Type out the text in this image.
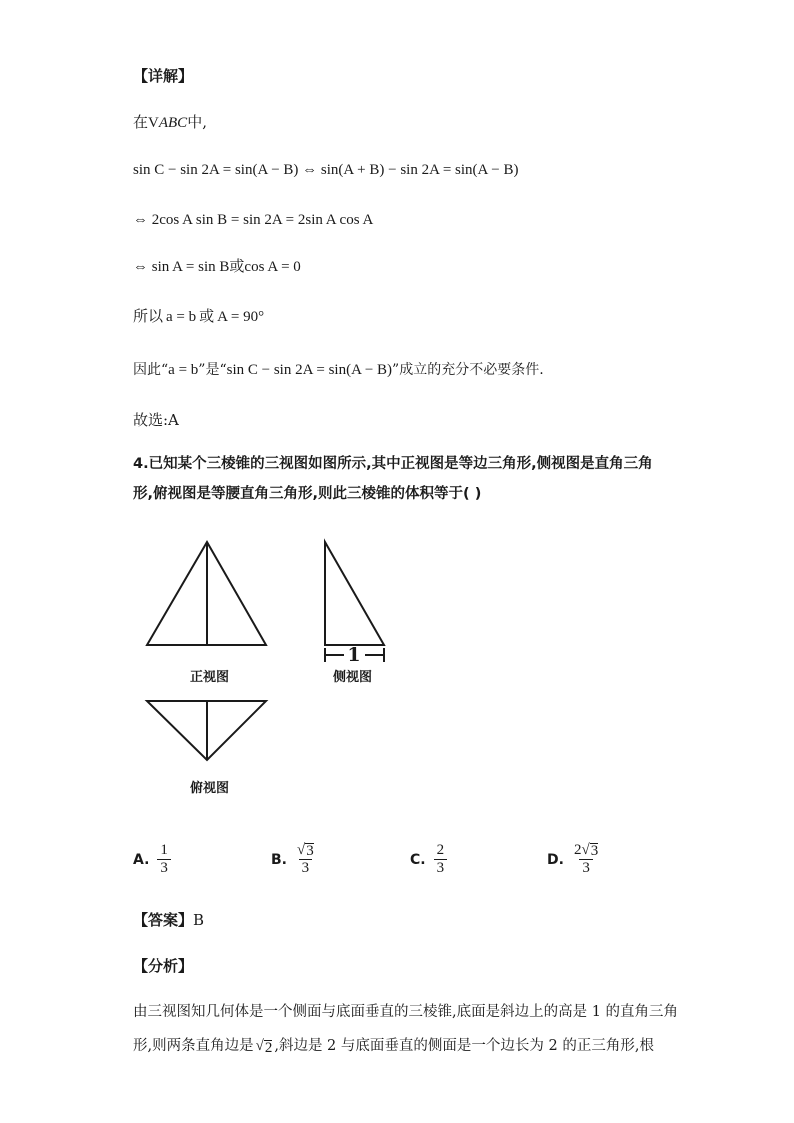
【详解】
在VABC中,
sin C − sin 2A = sin(A − B) ⇔ sin(A + B) − sin 2A = sin(A − B)
⇔ 2cos A sin B = sin 2A = 2sin A cos A
⇔ sin A = sin B或cos A = 0
所以 a = b 或 A = 90°
因此“a = b”是“sin C − sin 2A = sin(A − B)”成立的充分不必要条件.
故选:A
4.已知某个三棱锥的三视图如图所示,其中正视图是等边三角形,侧视图是直角三角
形,俯视图是等腰直角三角形,则此三棱锥的体积等于( )
1
正视图	侧视图
俯视图
A. $\frac{1}{3}$	B. $\frac{√ 3}{3}$	C. $\frac{2}{3}$	D. $\frac{2 √ 3}{3}$
【答案】B
【分析】
由三视图知几何体是一个侧面与底面垂直的三棱锥,底面是斜边上的高是 1 的直角三角
形,则两条直角边是 √ 2 ,斜边是 2 与底面垂直的侧面是一个边长为 2 的正三角形,根
